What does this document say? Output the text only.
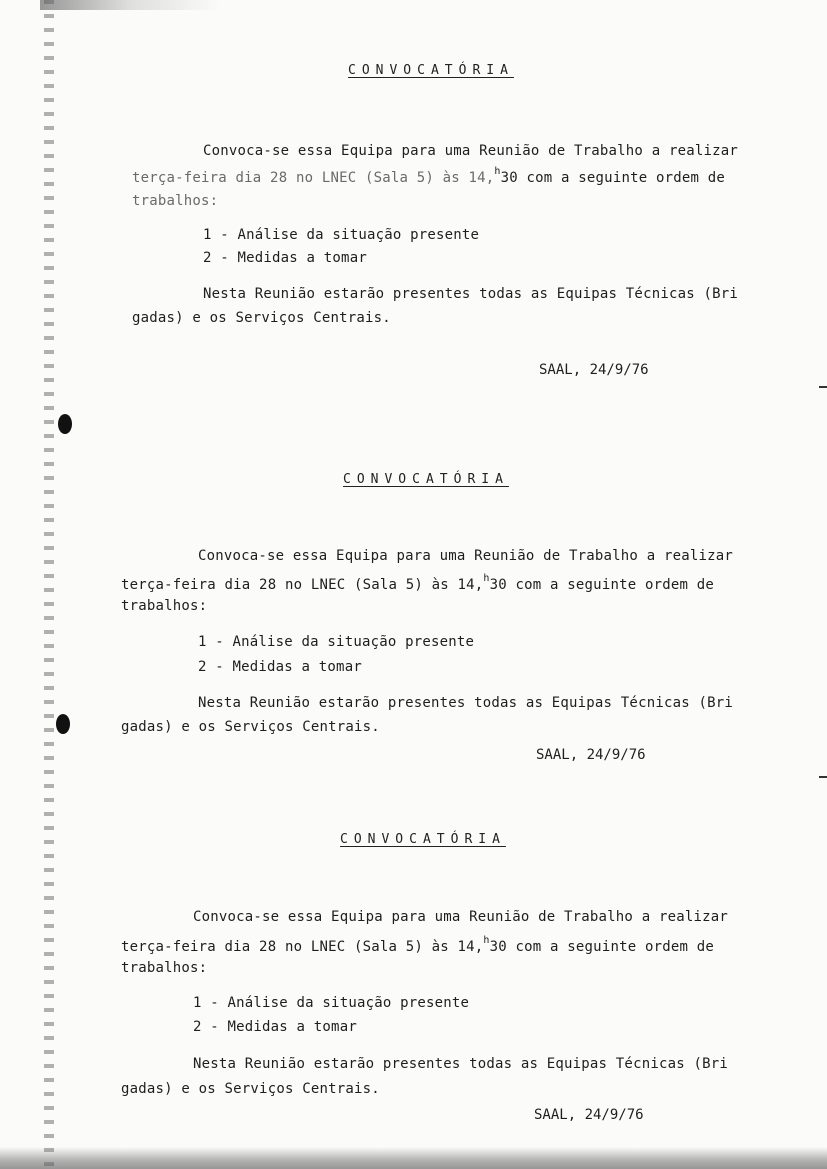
CONVOCATÓRIA
Convoca-se essa Equipa para uma Reunião de Trabalho a realizar
terça-feira dia 28 no LNEC (Sala 5) às 14,$^h$30 com a seguinte ordem de
trabalhos:
1 - Análise da situação presente
2 - Medidas a tomar
Nesta Reunião estarão presentes todas as Equipas Técnicas (Bri
gadas) e os Serviços Centrais.
SAAL, 24/9/76
CONVOCATÓRIA
Convoca-se essa Equipa para uma Reunião de Trabalho a realizar
terça-feira dia 28 no LNEC (Sala 5) às 14,$^h$30 com a seguinte ordem de
trabalhos:
1 - Análise da situação presente
2 - Medidas a tomar
Nesta Reunião estarão presentes todas as Equipas Técnicas (Bri
gadas) e os Serviços Centrais.
SAAL, 24/9/76
CONVOCATÓRIA
Convoca-se essa Equipa para uma Reunião de Trabalho a realizar
terça-feira dia 28 no LNEC (Sala 5) às 14,$^h$30 com a seguinte ordem de
trabalhos:
1 - Análise da situação presente
2 - Medidas a tomar
Nesta Reunião estarão presentes todas as Equipas Técnicas (Bri
gadas) e os Serviços Centrais.
SAAL, 24/9/76
